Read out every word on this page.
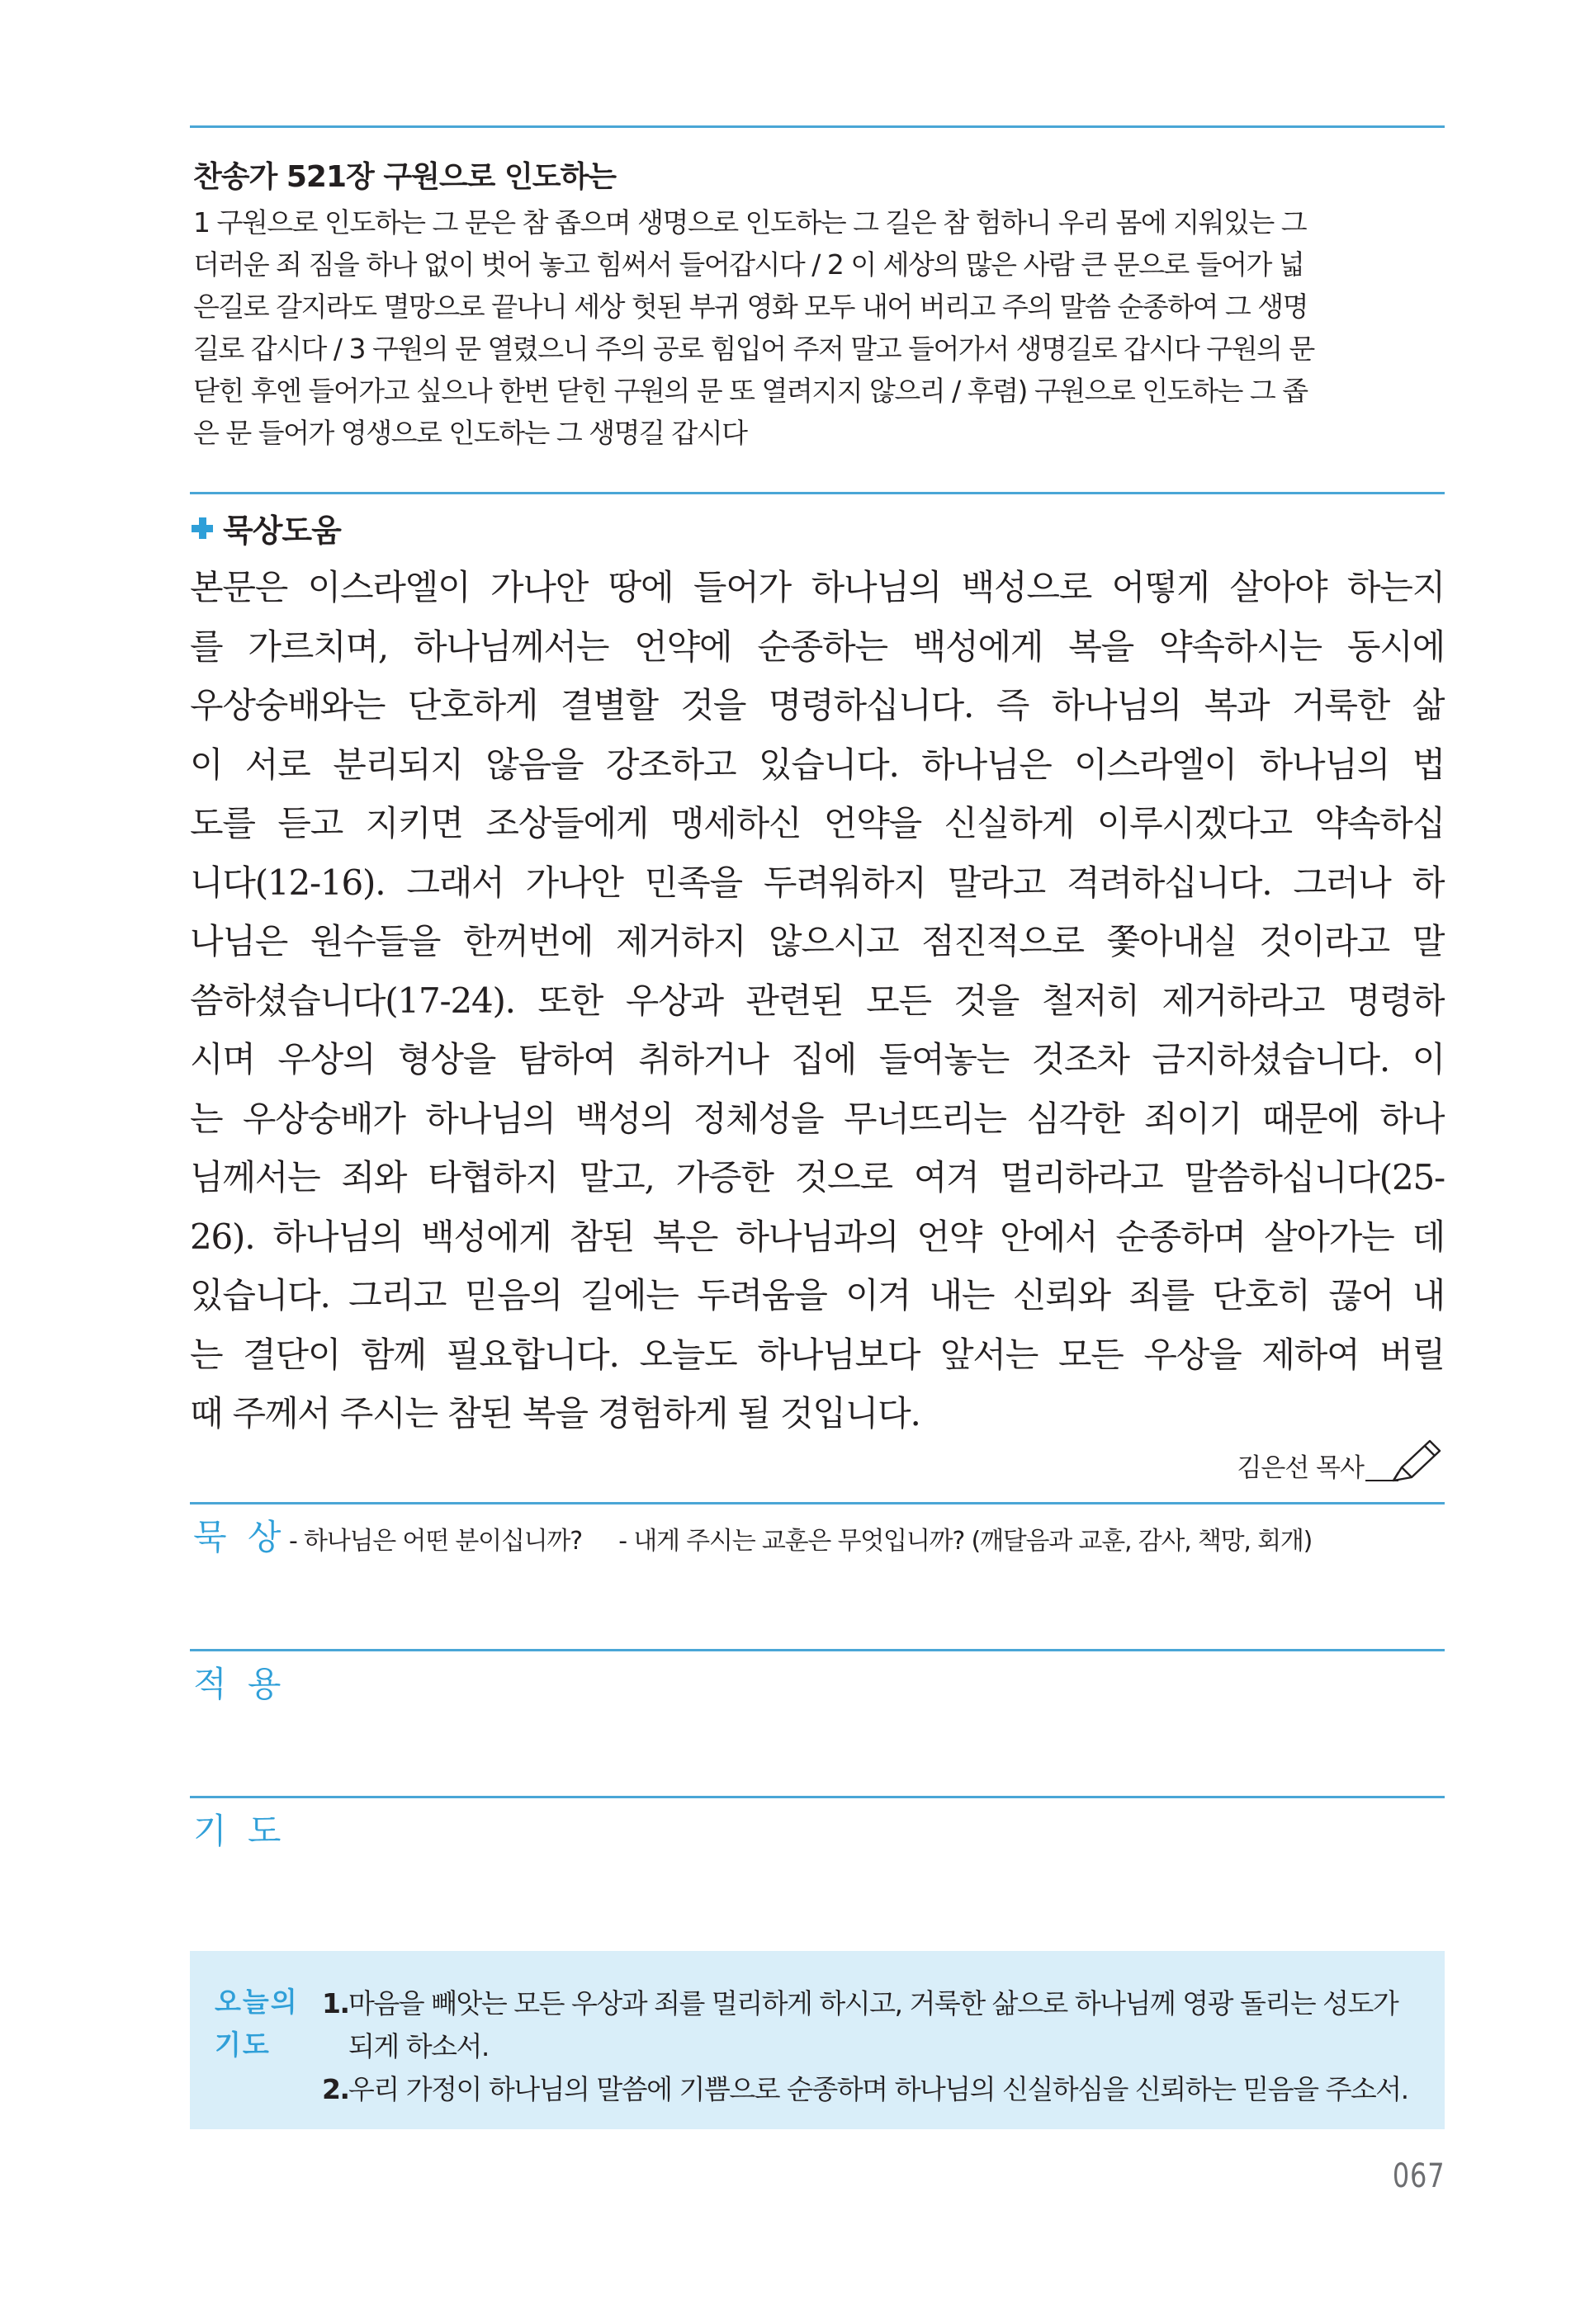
찬송가 521장 구원으로 인도하는
1 구원으로 인도하는 그 문은 참 좁으며 생명으로 인도하는 그 길은 참 험하니 우리 몸에 지워있는 그
더러운 죄 짐을 하나 없이 벗어 놓고 힘써서 들어갑시다 / 2 이 세상의 많은 사람 큰 문으로 들어가 넓
은길로 갈지라도 멸망으로 끝나니 세상 헛된 부귀 영화 모두 내어 버리고 주의 말씀 순종하여 그 생명
길로 갑시다 / 3 구원의 문 열렸으니 주의 공로 힘입어 주저 말고 들어가서 생명길로 갑시다 구원의 문
닫힌 후엔 들어가고 싶으나 한번 닫힌 구원의 문 또 열려지지 않으리 / 후렴) 구원으로 인도하는 그 좁
은 문 들어가 영생으로 인도하는 그 생명길 갑시다
묵상도움
본문은 이스라엘이 가나안 땅에 들어가 하나님의 백성으로 어떻게 살아야 하는지
를 가르치며, 하나님께서는 언약에 순종하는 백성에게 복을 약속하시는 동시에
우상숭배와는 단호하게 결별할 것을 명령하십니다. 즉 하나님의 복과 거룩한 삶
이 서로 분리되지 않음을 강조하고 있습니다. 하나님은 이스라엘이 하나님의 법
도를 듣고 지키면 조상들에게 맹세하신 언약을 신실하게 이루시겠다고 약속하십
니다(12-16). 그래서 가나안 민족을 두려워하지 말라고 격려하십니다. 그러나 하
나님은 원수들을 한꺼번에 제거하지 않으시고 점진적으로 쫓아내실 것이라고 말
씀하셨습니다(17-24). 또한 우상과 관련된 모든 것을 철저히 제거하라고 명령하
시며 우상의 형상을 탐하여 취하거나 집에 들여놓는 것조차 금지하셨습니다. 이
는 우상숭배가 하나님의 백성의 정체성을 무너뜨리는 심각한 죄이기 때문에 하나
님께서는 죄와 타협하지 말고, 가증한 것으로 여겨 멀리하라고 말씀하십니다(25-
26). 하나님의 백성에게 참된 복은 하나님과의 언약 안에서 순종하며 살아가는 데
있습니다. 그리고 믿음의 길에는 두려움을 이겨 내는 신뢰와 죄를 단호히 끊어 내
는 결단이 함께 필요합니다. 오늘도 하나님보다 앞서는 모든 우상을 제하여 버릴
때 주께서 주시는 참된 복을 경험하게 될 것입니다.
김은선 목사
묵 상 - 하나님은 어떤 분이십니까? - 내게 주시는 교훈은 무엇입니까? (깨달음과 교훈, 감사, 책망, 회개)
적 용
기 도
오늘의
기도
1. 마음을 빼앗는 모든 우상과 죄를 멀리하게 하시고, 거룩한 삶으로 하나님께 영광 돌리는 성도가 되게 하소서.
2. 우리 가정이 하나님의 말씀에 기쁨으로 순종하며 하나님의 신실하심을 신뢰하는 믿음을 주소서.
067
